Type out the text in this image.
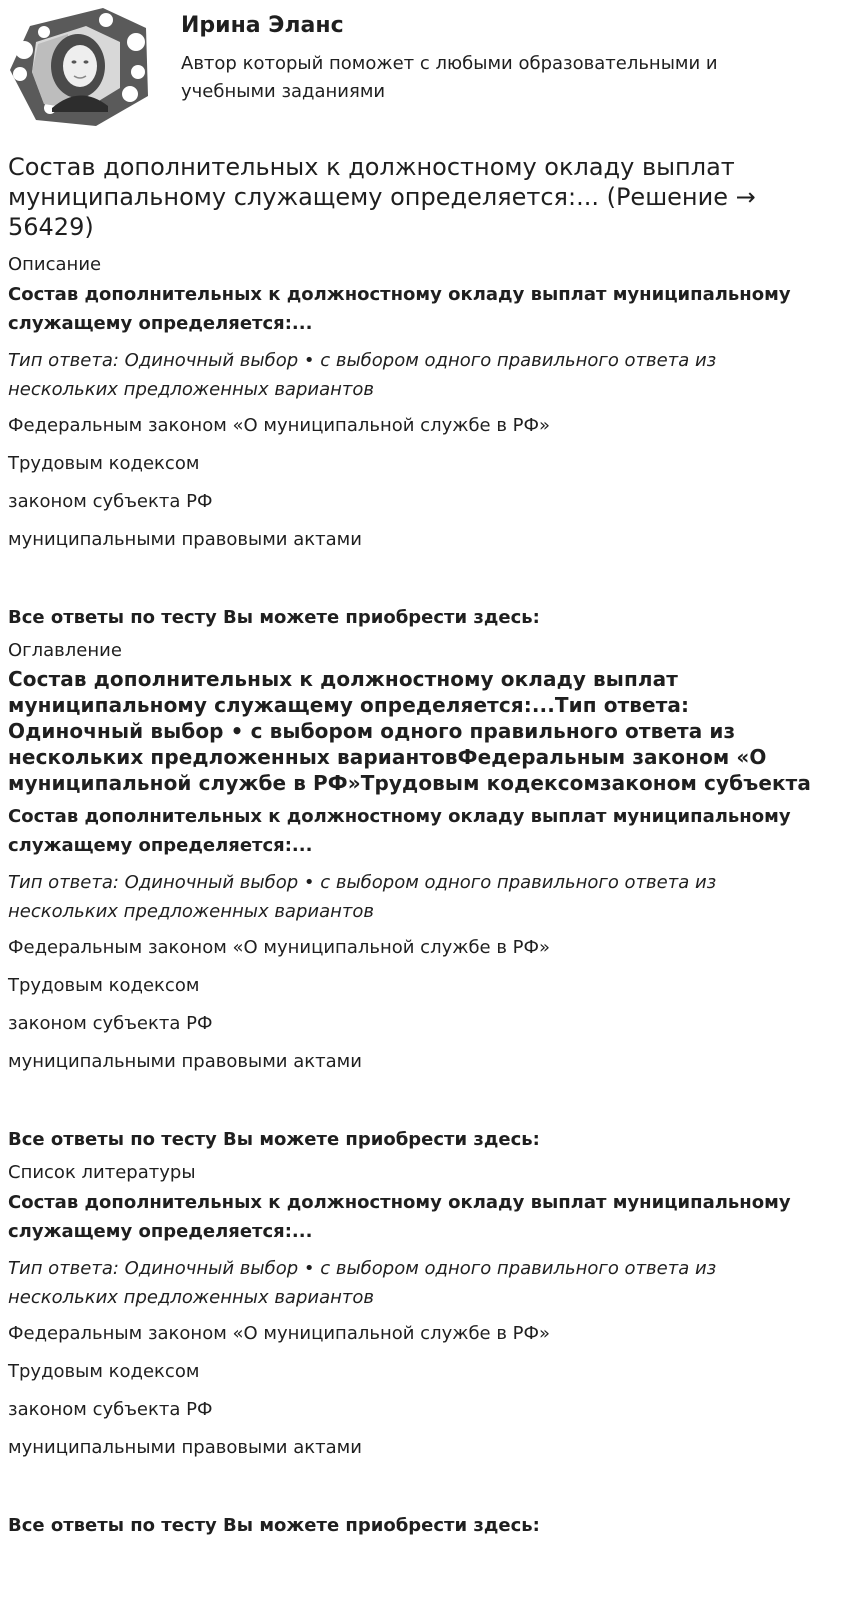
Ирина Эланс
Автор который поможет с любыми образовательными и учебными заданиями
Состав дополнительных к должностному окладу выплат муниципальному служащему определяется:... (Решение → 56429)
Описание
Состав дополнительных к должностному окладу выплат муниципальному служащему определяется:...
Тип ответа: Одиночный выбор • с выбором одного правильного ответа из нескольких предложенных вариантов
Федеральным законом «О муниципальной службе в РФ»
Трудовым кодексом
законом субъекта РФ
муниципальными правовыми актами
Все ответы по тесту Вы можете приобрести здесь:
Оглавление
Состав дополнительных к должностному окладу выплат муниципальному служащему определяется:...Тип ответа: Одиночный выбор • с выбором одного правильного ответа из нескольких предложенных вариантовФедеральным законом «О муниципальной службе в РФ»Трудовым кодексомзаконом субъекта
Состав дополнительных к должностному окладу выплат муниципальному служащему определяется:...
Тип ответа: Одиночный выбор • с выбором одного правильного ответа из нескольких предложенных вариантов
Федеральным законом «О муниципальной службе в РФ»
Трудовым кодексом
законом субъекта РФ
муниципальными правовыми актами
Все ответы по тесту Вы можете приобрести здесь:
Список литературы
Состав дополнительных к должностному окладу выплат муниципальному служащему определяется:...
Тип ответа: Одиночный выбор • с выбором одного правильного ответа из нескольких предложенных вариантов
Федеральным законом «О муниципальной службе в РФ»
Трудовым кодексом
законом субъекта РФ
муниципальными правовыми актами
Все ответы по тесту Вы можете приобрести здесь:
